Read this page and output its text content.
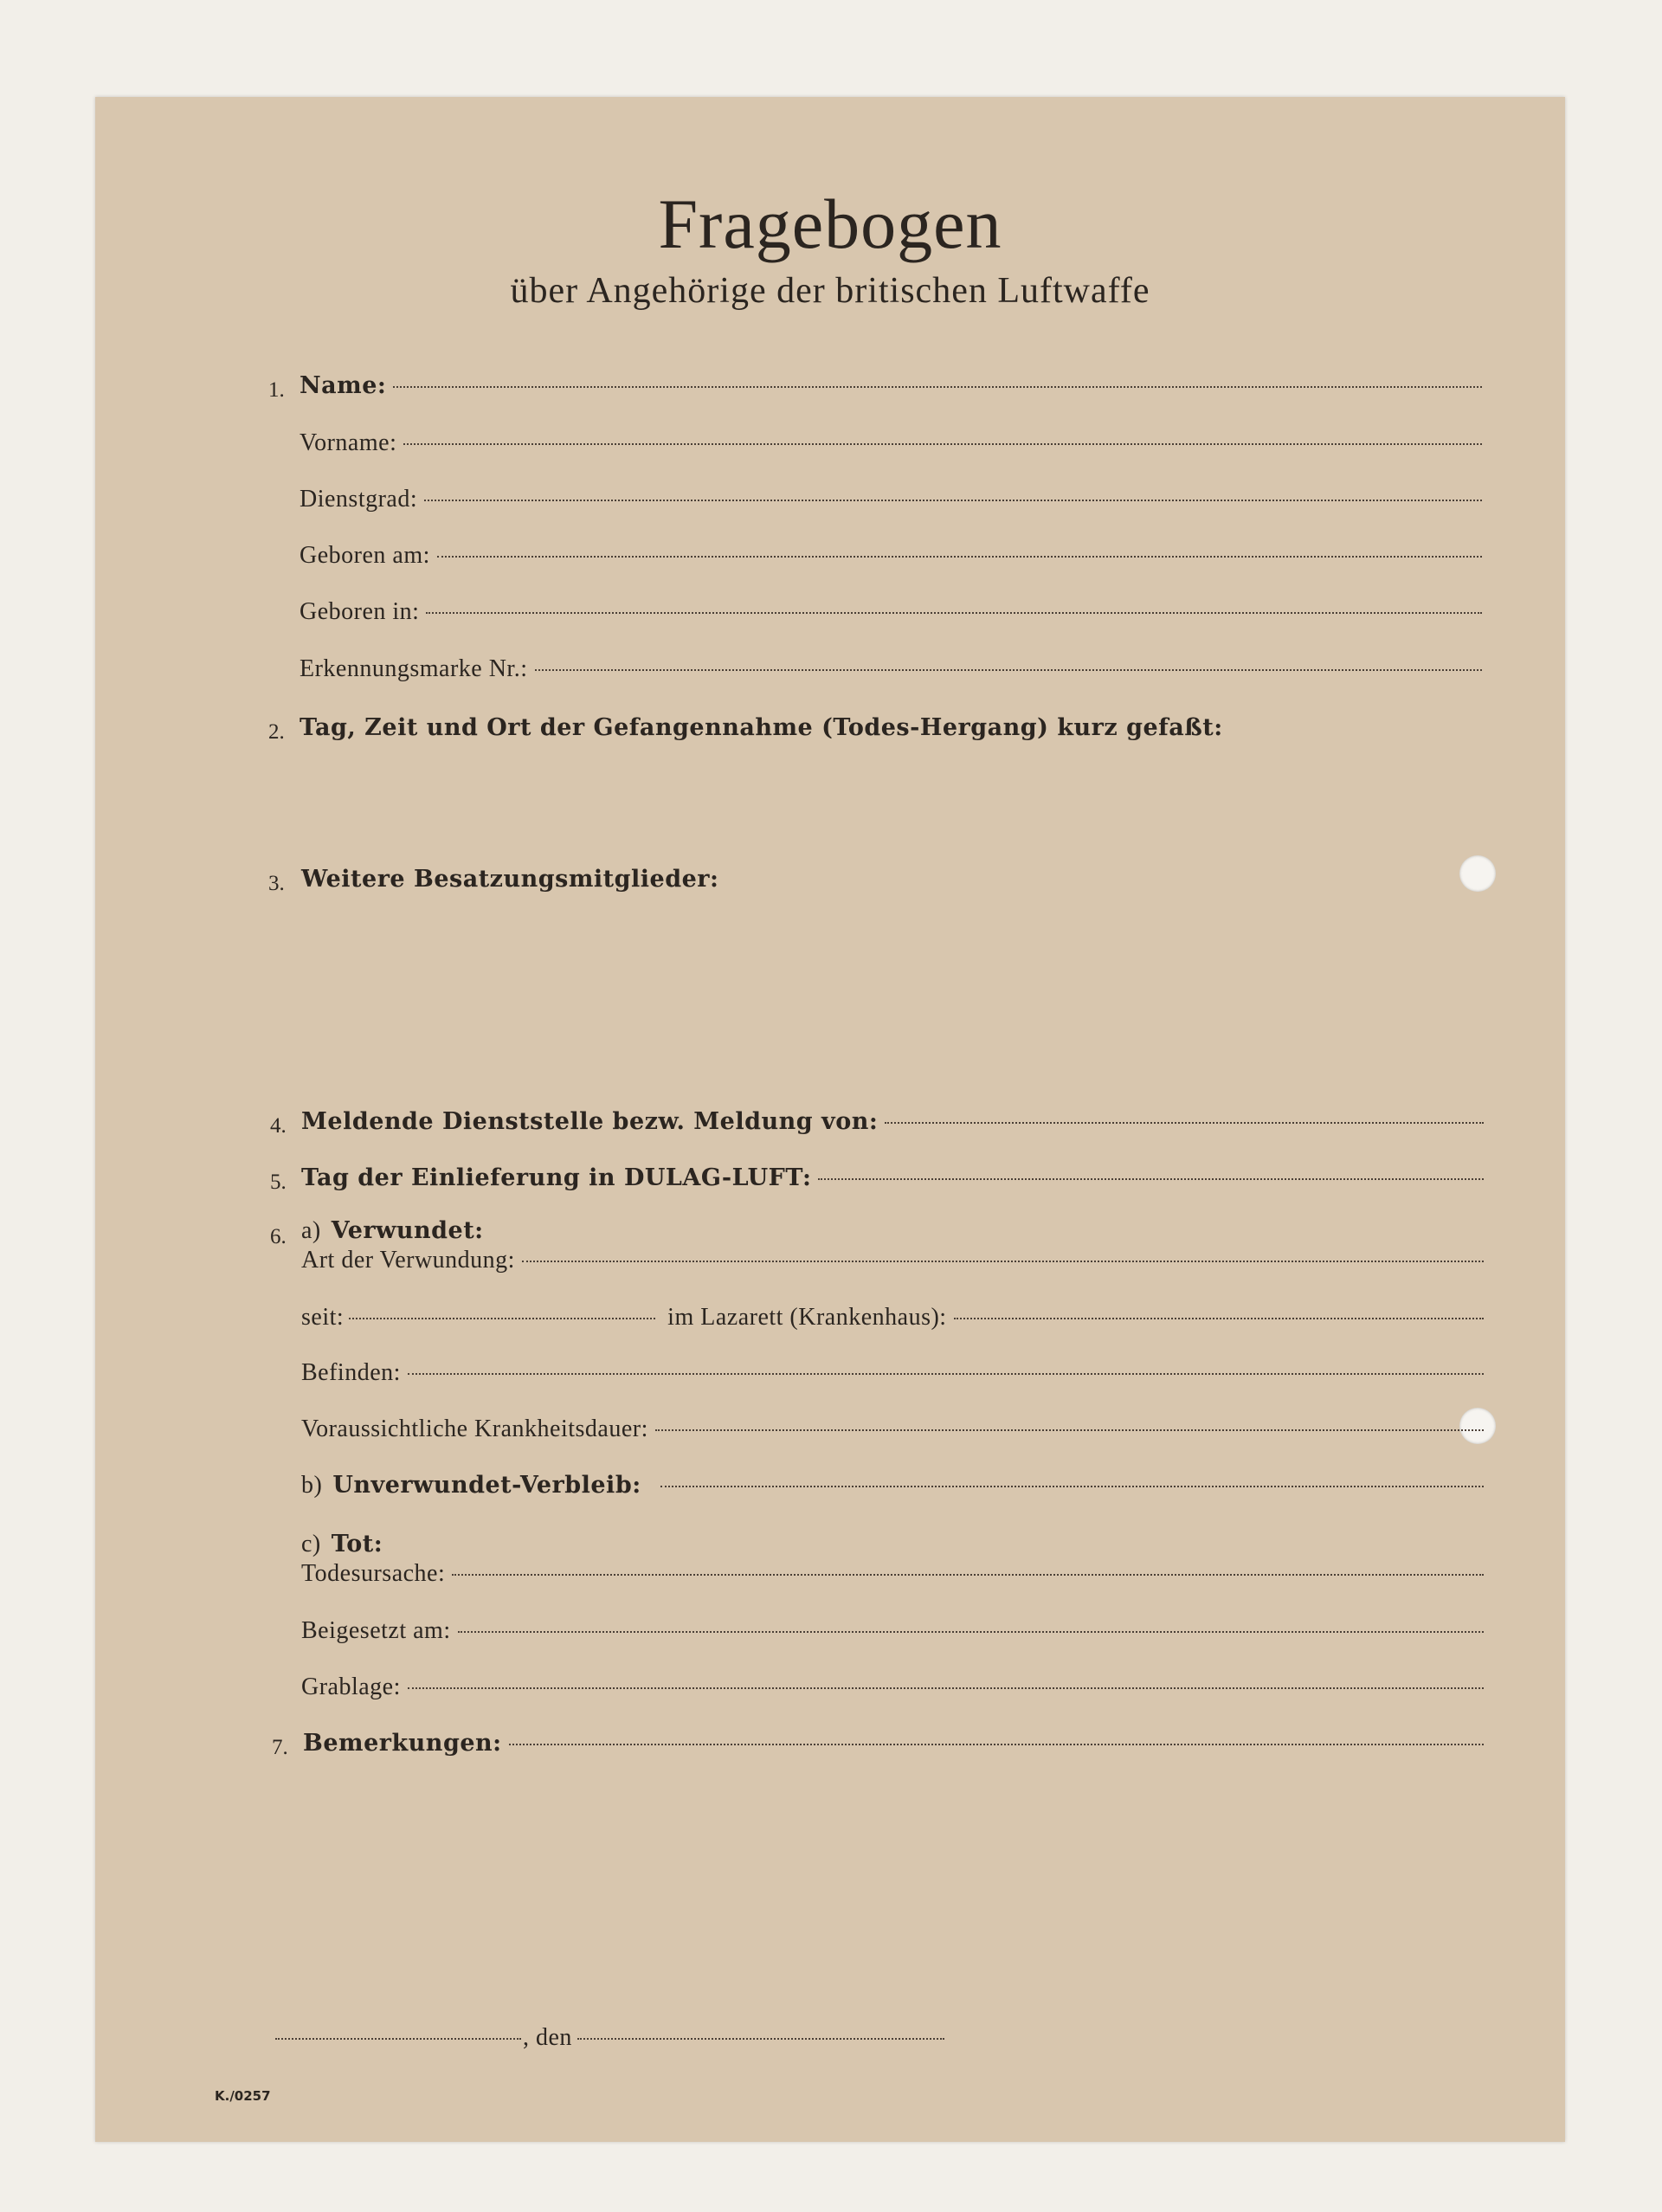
Fragebogen
über Angehörige der britischen Luftwaffe
1. Name:
Vorname:
Dienstgrad:
Geboren am:
Geboren in:
Erkennungsmarke Nr.:
2. Tag, Zeit und Ort der Gefangennahme (Todes-Hergang) kurz gefaßt:
3. Weitere Besatzungsmitglieder:
4. Meldende Dienststelle bezw. Meldung von:
5. Tag der Einlieferung in DULAG-LUFT:
6. a) Verwundet:
Art der Verwundung:
seit:	im Lazarett (Krankenhaus):
Befinden:
Voraussichtliche Krankheitsdauer:
b) Unverwundet-Verbleib:
c) Tot:
Todesursache:
Beigesetzt am:
Grablage:
7. Bemerkungen:
, den
K./0257
